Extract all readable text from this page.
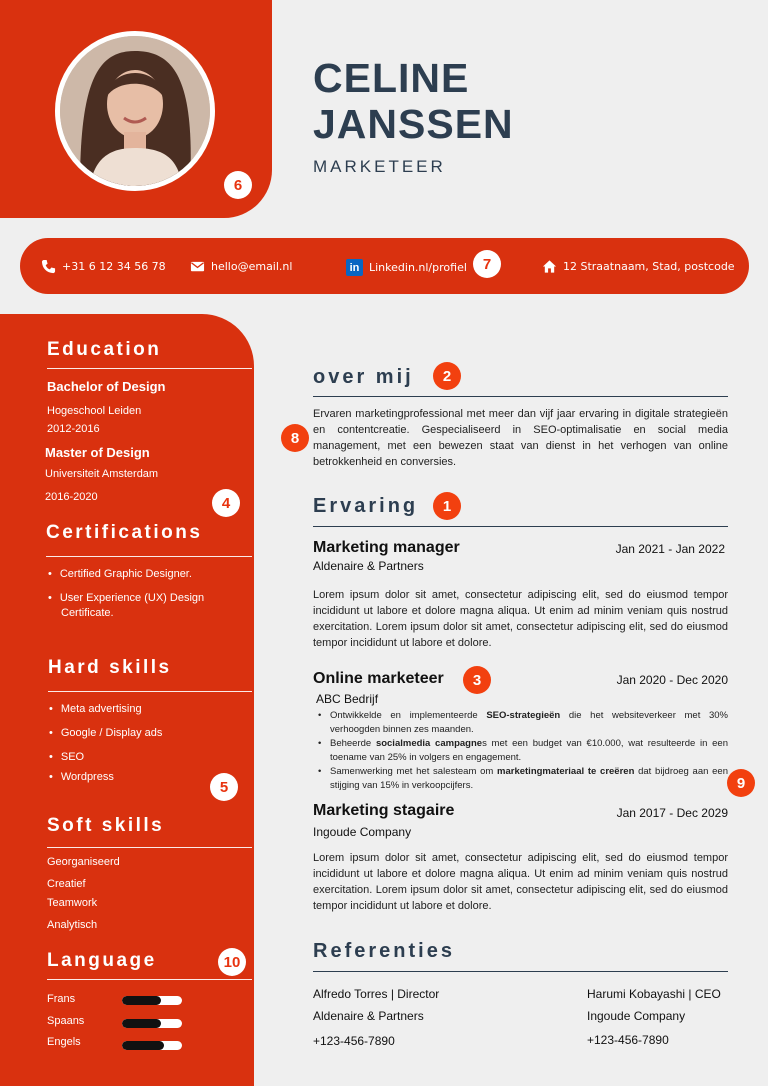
CELINE
JANSSEN
MARKETEER
+31 6 12 34 56 78	hello@email.nl	in Linkedin.nl/profiel	12 Straatnaam, Stad, postcode
Education
Bachelor of Design
Hogeschool Leiden
2012-2016
Master of Design
Universiteit Amsterdam
2016-2020
Certifications
• Certified Graphic Designer.
• User Experience (UX) Design
Certificate.
Hard skills
• Meta advertising
• Google / Display ads
• SEO
• Wordpress
Soft skills
Georganiseerd
Creatief
Teamwork
Analytisch
Language
Frans
Spaans
Engels
over mij
Ervaren marketingprofessional met meer dan vijf jaar ervaring in digitale strategieën en contentcreatie. Gespecialiseerd in SEO-optimalisatie en social media management, met een bewezen staat van dienst in het verhogen van online betrokkenheid en conversies.
Ervaring
Marketing manager	Jan 2021 - Jan 2022
Aldenaire & Partners
Lorem ipsum dolor sit amet, consectetur adipiscing elit, sed do eiusmod tempor incididunt ut labore et dolore magna aliqua. Ut enim ad minim veniam quis nostrud exercitation. Lorem ipsum dolor sit amet, consectetur adipiscing elit, sed do eiusmod tempor incididunt ut labore et dolore.
Online marketeer	Jan 2020 - Dec 2020
ABC Bedrijf
• Ontwikkelde en implementeerde SEO-strategieën die het websiteverkeer met 30% verhoogden binnen zes maanden.
• Beheerde socialmedia campagnes met een budget van €10.000, wat resulteerde in een toename van 25% in volgers en engagement.
• Samenwerking met het salesteam om marketingmateriaal te creëren dat bijdroeg aan een stijging van 15% in verkoopcijfers.
Marketing stagaire	Jan 2017 - Dec 2029
Ingoude Company
Lorem ipsum dolor sit amet, consectetur adipiscing elit, sed do eiusmod tempor incididunt ut labore et dolore magna aliqua. Ut enim ad minim veniam quis nostrud exercitation. Lorem ipsum dolor sit amet, consectetur adipiscing elit, sed do eiusmod tempor incididunt ut labore et dolore.
Referenties
Alfredo Torres | Director
Aldenaire & Partners
+123-456-7890
Harumi Kobayashi | CEO
Ingoude Company
+123-456-7890
1
2
3
4
5
6
7
8
9
10
